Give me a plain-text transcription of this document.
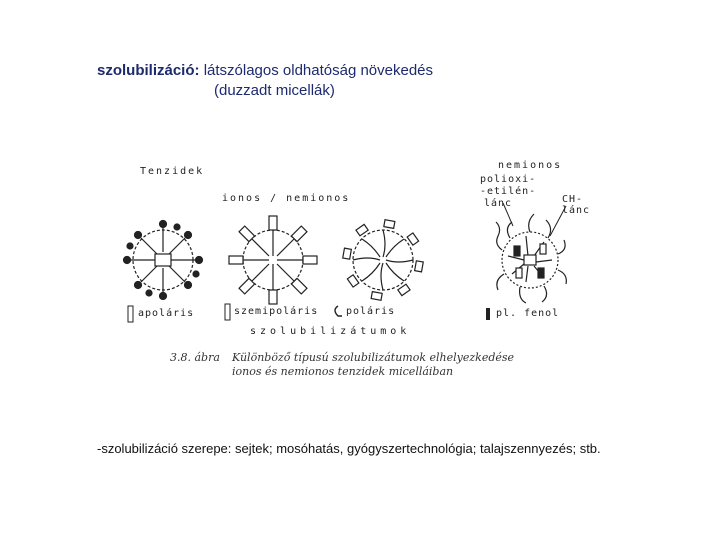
szolubilizáció: látszólagos oldhatóság növekedés
(duzzadt micellák)
Tenzidek
ionos / nemionos
nemionos
polioxi-
-etilén-
lánc	CH-lánc
apoláris	szemipoláris	poláris	pl. fenol
szolubilizátumok
3.8. ábra Különböző típusú szolubilizátumok elhelyezkedése
ionos és nemionos tenzidek micelláiban
-szolubilizáció szerepe: sejtek; mosóhatás, gyógyszertechnológia; talajszennyezés; stb.
